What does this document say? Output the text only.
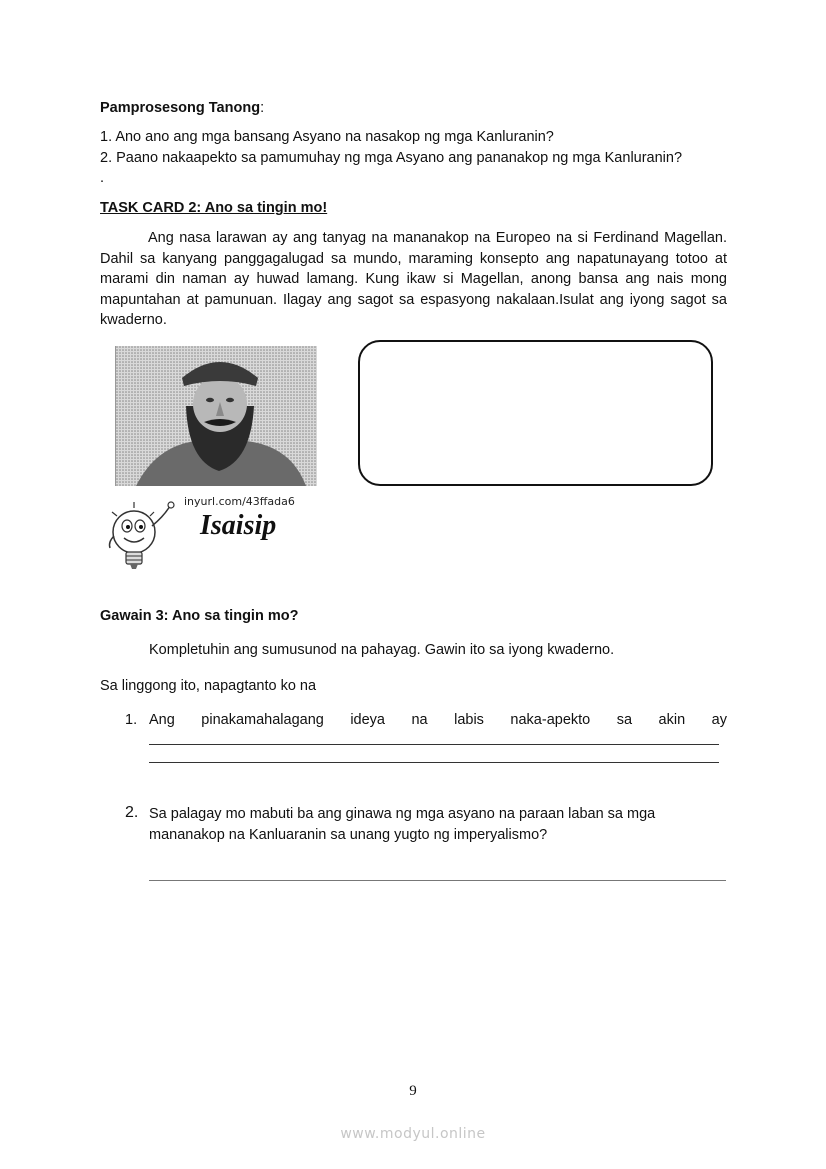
Pamprosesong Tanong:
1. Ano ano ang mga bansang Asyano na nasakop ng mga Kanluranin?
2. Paano nakaapekto sa pamumuhay ng mga Asyano ang pananakop ng mga Kanluranin?
.
TASK CARD 2: Ano sa tingin mo!
Ang nasa larawan ay ang tanyag na mananakop na Europeo na si Ferdinand Magellan. Dahil sa kanyang panggagalugad sa mundo, maraming konsepto ang napatunayang totoo at marami din naman ay huwad lamang. Kung ikaw si Magellan, anong bansa ang nais mong mapuntahan at pamunuan. Ilagay ang sagot sa espasyong nakalaan.Isulat ang iyong sagot sa kwaderno.
inyurl.com/43ffada6
Isaisip
Gawain 3: Ano sa tingin mo?
Kompletuhin ang sumusunod na pahayag. Gawin ito sa iyong kwaderno.
Sa linggong ito, napagtanto ko na
1. Ang pinakamahalagang ideya na labis naka-apekto sa akin ay
2. Sa palagay mo mabuti ba ang ginawa ng mga asyano na paraan laban sa mga
mananakop na Kanluaranin sa unang yugto ng imperyalismo?
9
www.modyul.online
